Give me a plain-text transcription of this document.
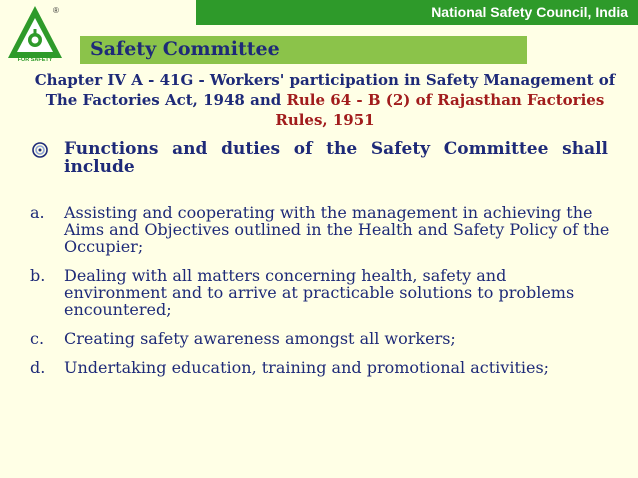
National Safety Council, India
FOR SAFETY
®
Safety Committee
Chapter IV A - 41G - Workers' participation in Safety Management of The Factories Act, 1948 and Rule 64 - B (2) of Rajasthan Factories Rules, 1951
Functions and duties of the Safety Committee shall include
a.	Assisting and cooperating with the management in achieving the Aims and Objectives outlined in the Health and Safety Policy of the Occupier;
b.	Dealing with all matters concerning health, safety and environment and to arrive at practicable solutions to problems encountered;
c.	Creating safety awareness amongst all workers;
d.	Undertaking education, training and promotional activities;
